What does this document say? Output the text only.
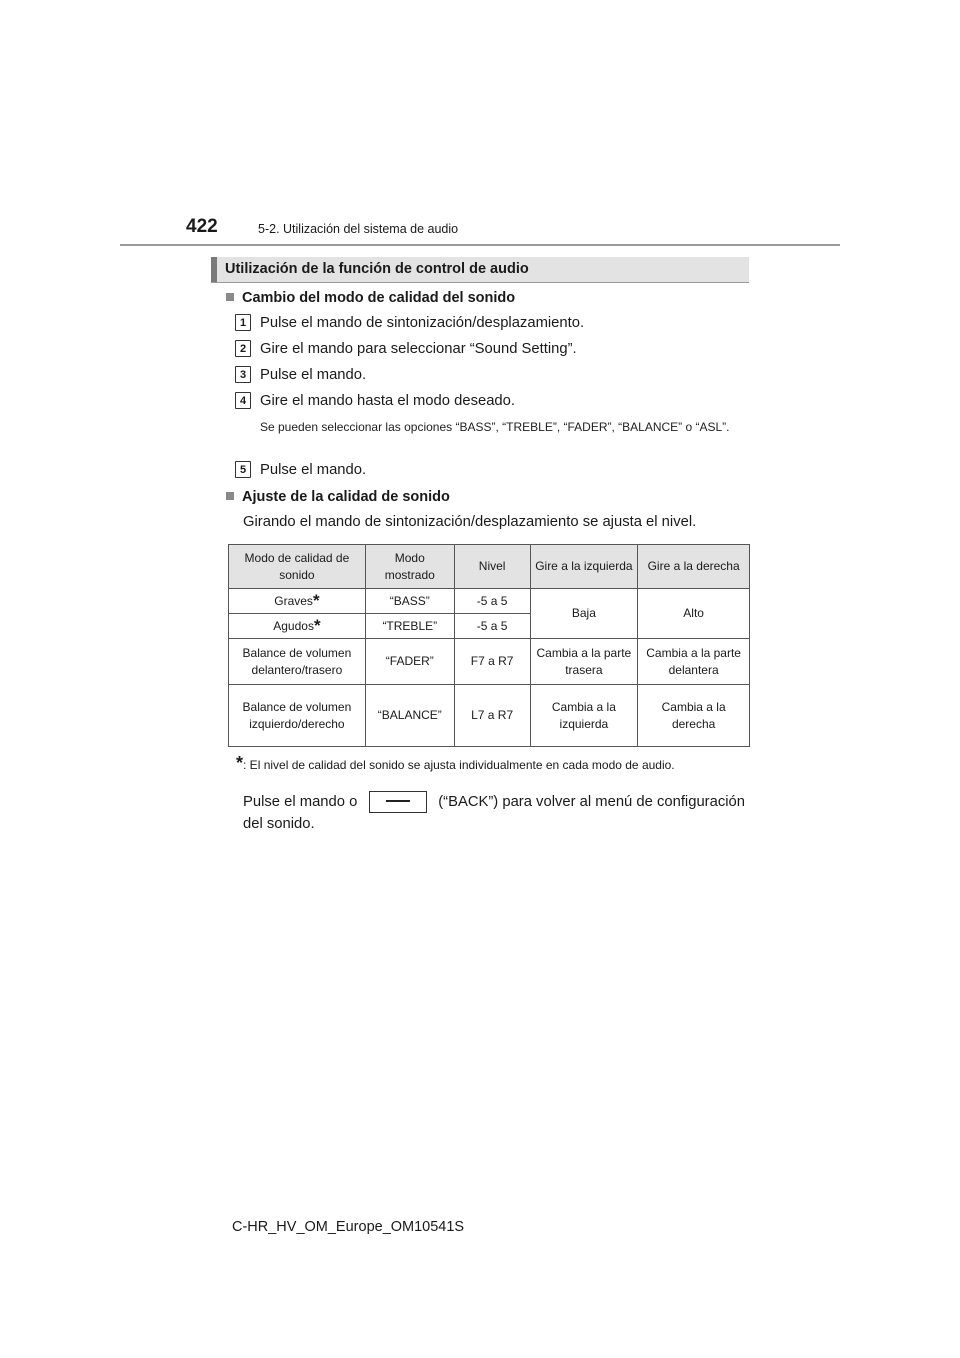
422	5-2. Utilización del sistema de audio
Utilización de la función de control de audio
Cambio del modo de calidad del sonido
1 Pulse el mando de sintonización/desplazamiento.
2 Gire el mando para seleccionar “Sound Setting”.
3 Pulse el mando.
4 Gire el mando hasta el modo deseado.
Se pueden seleccionar las opciones “BASS”, “TREBLE”, “FADER”, “BALANCE” o “ASL”.
5 Pulse el mando.
Ajuste de la calidad de sonido
Girando el mando de sintonización/desplazamiento se ajusta el nivel.
Modo de calidad de sonido	Modo mostrado	Nivel	Gire a la izquierda	Gire a la derecha
Graves*	“BASS”	-5 a 5	Baja	Alto
Agudos*	“TREBLE”	-5 a 5		
Balance de volumen delantero/trasero	“FADER”	F7 a R7	Cambia a la parte trasera	Cambia a la parte delantera
Balance de volumen izquierdo/derecho	“BALANCE”	L7 a R7	Cambia a la izquierda	Cambia a la derecha
*: El nivel de calidad del sonido se ajusta individualmente en cada modo de audio.
Pulse el mando o	(“BACK”) para volver al menú de configuración
del sonido.
C-HR_HV_OM_Europe_OM10541S
